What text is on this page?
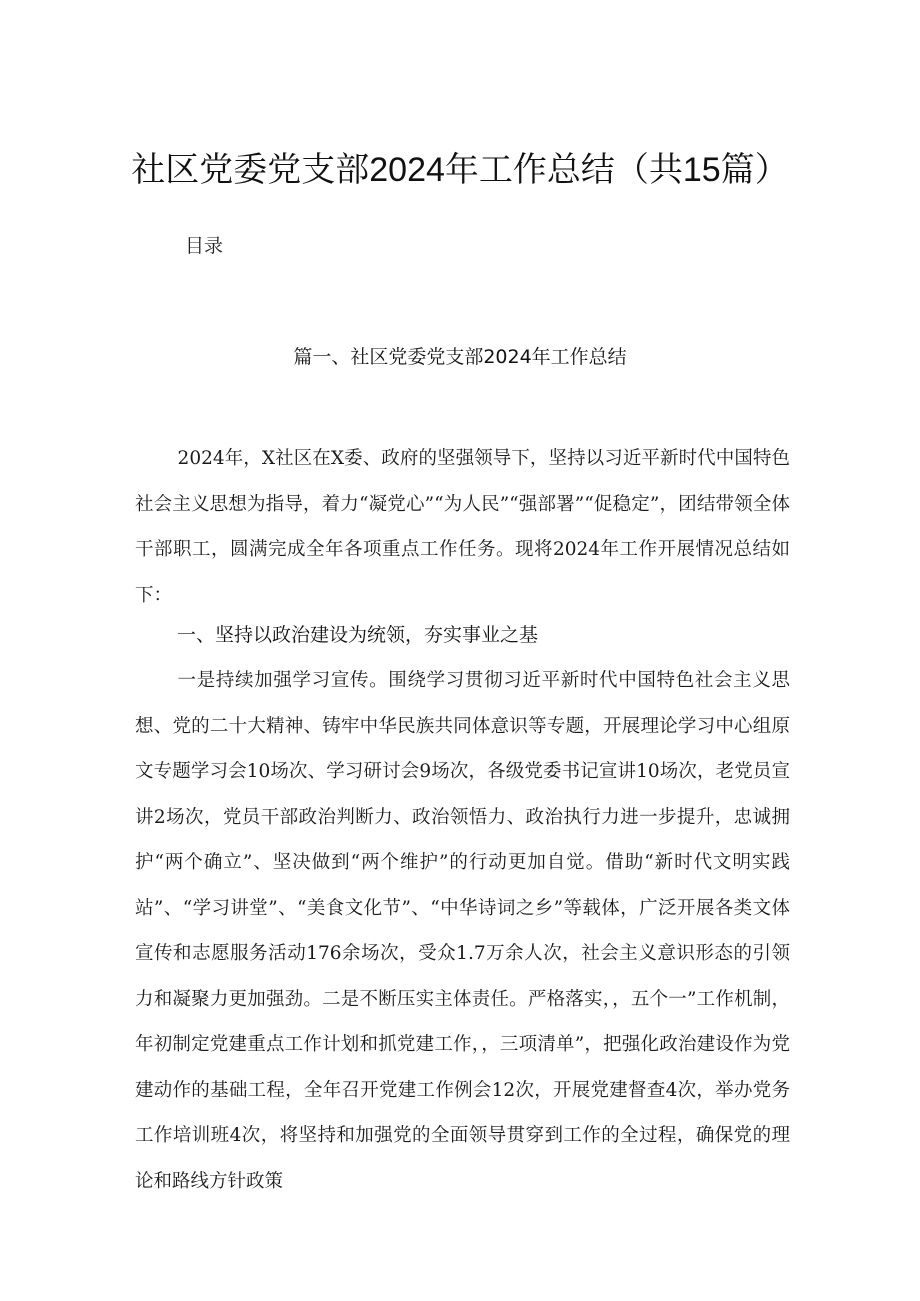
社区党委党支部2024年工作总结（共15篇）

目录

篇一、社区党委党支部2024年工作总结

2024年，X社区在X委、政府的坚强领导下，坚持以习近平新时代中国特色社会主义思想为指导，着力“凝党心”“为人民”“强部署”“促稳定”，团结带领全体干部职工，圆满完成全年各项重点工作任务。现将2024年工作开展情况总结如下：

一、坚持以政治建设为统领，夯实事业之基

一是持续加强学习宣传。围绕学习贯彻习近平新时代中国特色社会主义思想、党的二十大精神、铸牢中华民族共同体意识等专题，开展理论学习中心组原文专题学习会10场次、学习研讨会9场次，各级党委书记宣讲10场次，老党员宣讲2场次，党员干部政治判断力、政治领悟力、政治执行力进一步提升，忠诚拥护“两个确立”、坚决做到“两个维护”的行动更加自觉。借助“新时代文明实践站”、“学习讲堂”、“美食文化节”、“中华诗词之乡”等载体，广泛开展各类文体宣传和志愿服务活动176余场次，受众1.7万余人次，社会主义意识形态的引领力和凝聚力更加强劲。二是不断压实主体责任。严格落实，，五个一”工作机制，年初制定党建重点工作计划和抓党建工作，，三项清单”，把强化政治建设作为党建动作的基础工程，全年召开党建工作例会12次，开展党建督查4次，举办党务工作培训班4次，将坚持和加强党的全面领导贯穿到工作的全过程，确保党的理论和路线方针政策
